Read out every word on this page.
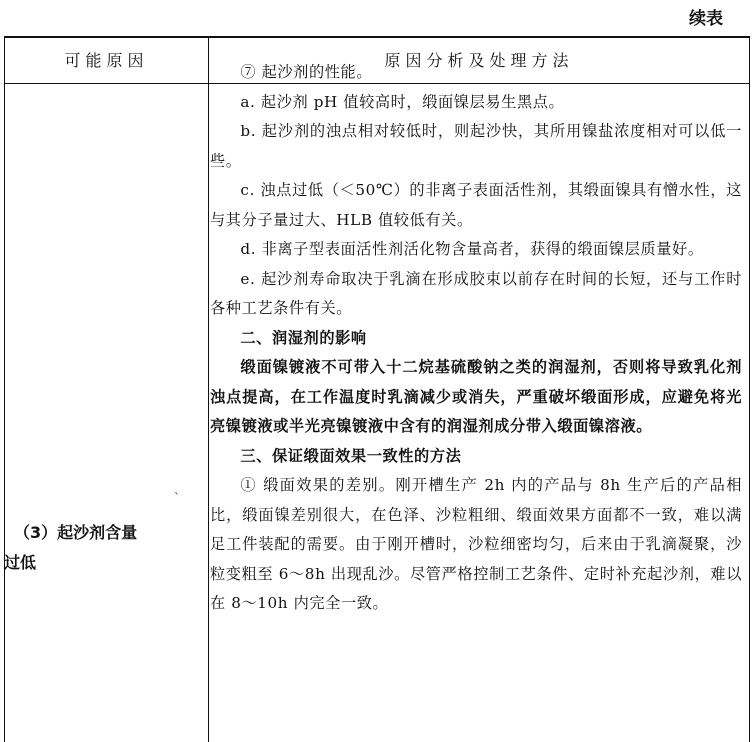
续表
可能原因	原因分析及处理方法
`
（3）起沙剂含量
过低

⑦ 起沙剂的性能。

a. 起沙剂 pH 值较高时，缎面镍层易生黑点。

b. 起沙剂的浊点相对较低时，则起沙快，其所用镍盐浓度相对可以低一些。

c. 浊点过低（＜50℃）的非离子表面活性剂，其缎面镍具有憎水性，这与其分子量过大、HLB 值较低有关。

d. 非离子型表面活性剂活化物含量高者，获得的缎面镍层质量好。

e. 起沙剂寿命取决于乳滴在形成胶束以前存在时间的长短，还与工作时各种工艺条件有关。

二、润湿剂的影响

缎面镍镀液不可带入十二烷基硫酸钠之类的润湿剂，否则将导致乳化剂浊点提高，在工作温度时乳滴减少或消失，严重破坏缎面形成，应避免将光亮镍镀液或半光亮镍镀液中含有的润湿剂成分带入缎面镍溶液。

三、保证缎面效果一致性的方法

① 缎面效果的差别。刚开槽生产 2h 内的产品与 8h 生产后的产品相比，缎面镍差别很大，在色泽、沙粒粗细、缎面效果方面都不一致，难以满足工件装配的需要。由于刚开槽时，沙粒细密均匀，后来由于乳滴凝聚，沙粒变粗至 6～8h 出现乱沙。尽管严格控制工艺条件、定时补充起沙剂，难以在 8～10h 内完全一致。
